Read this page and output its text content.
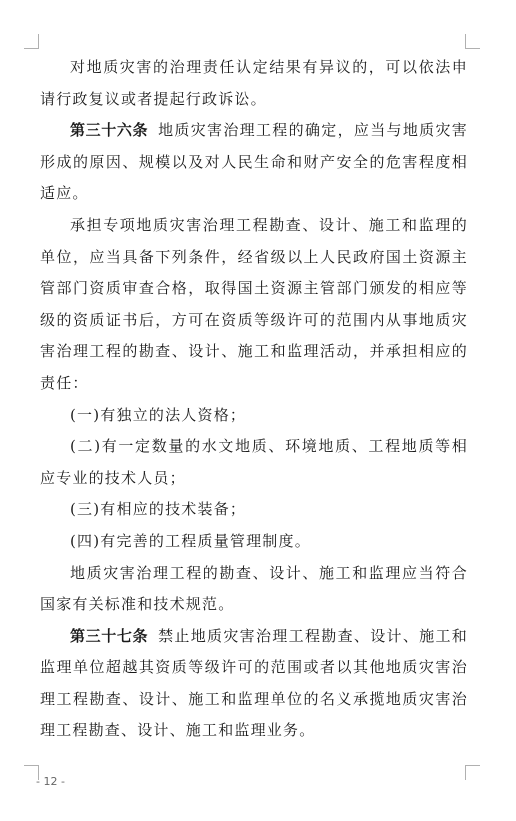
对地质灾害的治理责任认定结果有异议的，可以依法申请行政复议或者提起行政诉讼。

第三十六条 地质灾害治理工程的确定，应当与地质灾害形成的原因、规模以及对人民生命和财产安全的危害程度相适应。

承担专项地质灾害治理工程勘查、设计、施工和监理的单位，应当具备下列条件，经省级以上人民政府国土资源主管部门资质审查合格，取得国土资源主管部门颁发的相应等级的资质证书后，方可在资质等级许可的范围内从事地质灾害治理工程的勘查、设计、施工和监理活动，并承担相应的责任：

(一)有独立的法人资格；

(二)有一定数量的水文地质、环境地质、工程地质等相应专业的技术人员；

(三)有相应的技术装备；

(四)有完善的工程质量管理制度。

地质灾害治理工程的勘查、设计、施工和监理应当符合国家有关标准和技术规范。

第三十七条 禁止地质灾害治理工程勘查、设计、施工和监理单位超越其资质等级许可的范围或者以其他地质灾害治理工程勘查、设计、施工和监理单位的名义承揽地质灾害治理工程勘查、设计、施工和监理业务。

- 12 -
